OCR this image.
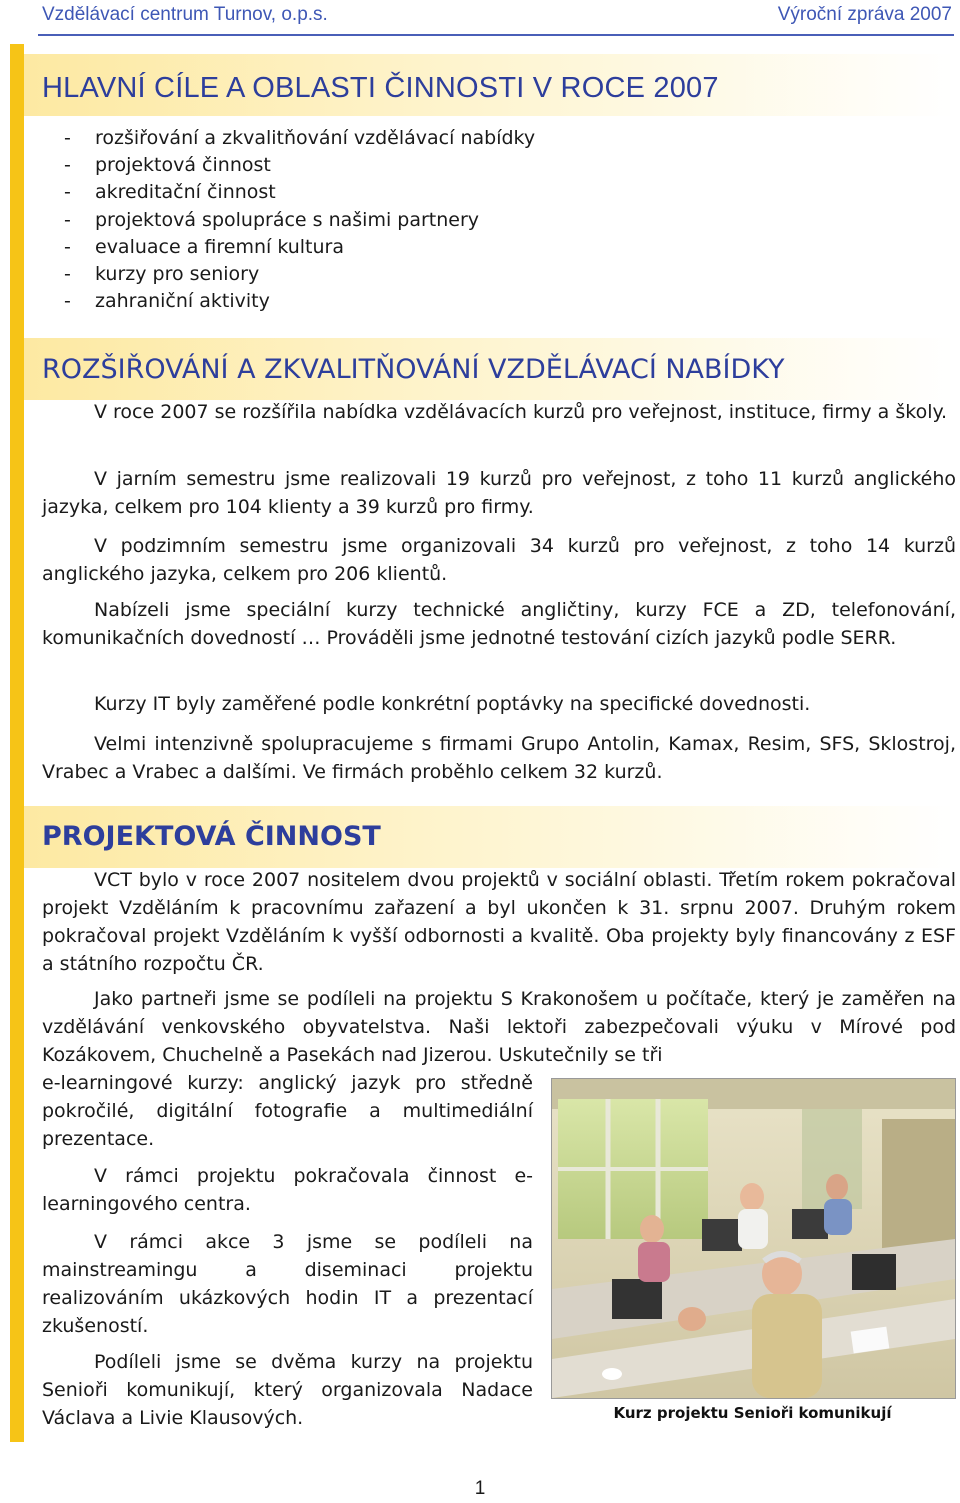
Vzdělávací centrum Turnov, o.p.s.	Výroční zpráva 2007
HLAVNÍ CÍLE A OBLASTI ČINNOSTI V ROCE 2007
- rozšiřování a zkvalitňování vzdělávací nabídky
- projektová činnost
- akreditační činnost
- projektová spolupráce s našimi partnery
- evaluace a firemní kultura
- kurzy pro seniory
- zahraniční aktivity
ROZŠIŘOVÁNÍ A ZKVALITŇOVÁNÍ VZDĚLÁVACÍ NABÍDKY

V roce 2007 se rozšířila nabídka vzdělávacích kurzů pro veřejnost, instituce, firmy a školy.

V jarním semestru jsme realizovali 19 kurzů pro veřejnost, z toho 11 kurzů anglického jazyka, celkem pro 104 klienty a 39 kurzů pro firmy.

V podzimním semestru jsme organizovali 34 kurzů pro veřejnost, z toho 14 kurzů anglického jazyka, celkem pro 206 klientů.

Nabízeli jsme speciální kurzy technické angličtiny, kurzy FCE a ZD, telefonování, komunikačních dovedností … Prováděli jsme jednotné testování cizích jazyků podle SERR.

Kurzy IT byly zaměřené podle konkrétní poptávky na specifické dovednosti.

Velmi intenzivně spolupracujeme s firmami Grupo Antolin, Kamax, Resim, SFS, Sklostroj, Vrabec a Vrabec a dalšími. Ve firmách proběhlo celkem 32 kurzů.

PROJEKTOVÁ ČINNOST

VCT bylo v roce 2007 nositelem dvou projektů v sociální oblasti. Třetím rokem pokračoval projekt Vzděláním k pracovnímu zařazení a byl ukončen k 31. srpnu 2007. Druhým rokem pokračoval projekt Vzděláním k vyšší odbornosti a kvalitě. Oba projekty byly financovány z ESF a státního rozpočtu ČR.

Jako partneři jsme se podíleli na projektu S Krakonošem u počítače, který je zaměřen na vzdělávání venkovského obyvatelstva. Naši lektoři zabezpečovali výuku v Mírové pod Kozákovem, Chuchelně a Pasekách nad Jizerou. Uskutečnily se tři

e-learningové kurzy: anglický jazyk pro středně pokročilé, digitální fotografie a multimediální prezentace.

V rámci projektu pokračovala činnost e-learningového centra.

V rámci akce 3 jsme se podíleli na mainstreamingu a diseminaci projektu realizováním ukázkových hodin IT a prezentací zkušeností.

Podíleli jsme se dvěma kurzy na projektu Senioři komunikují, který organizovala Nadace Václava a Livie Klausových.	Kurz projektu Senioři komunikují
1
